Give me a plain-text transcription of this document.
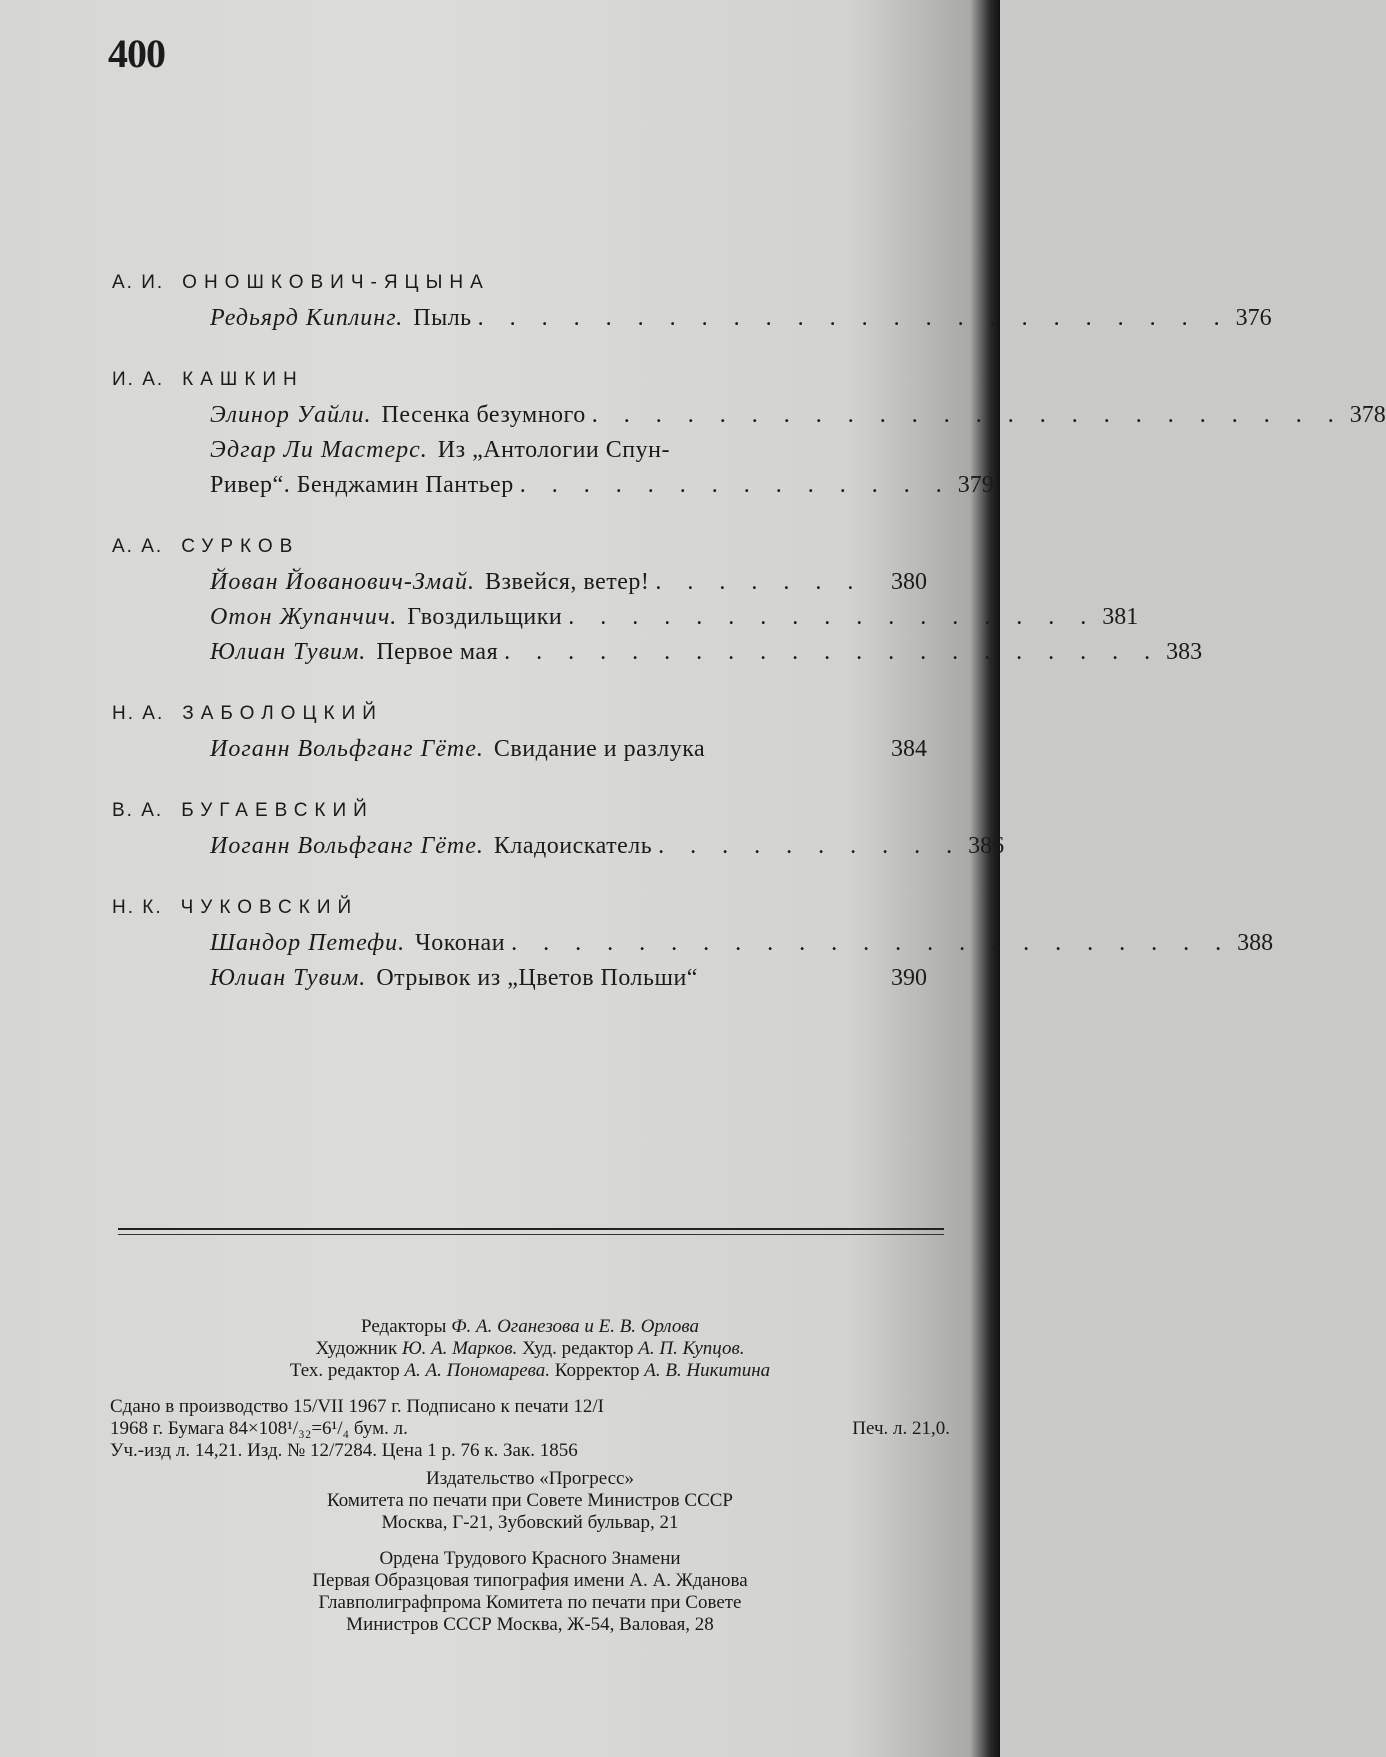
400
А. И. ОНОШКОВИЧ-ЯЦЫНА
Редьярд Киплинг. Пыль . . . . . . . . . . . . . . . . . . . . . . . . 376
И. А. КАШКИН
Элинор Уайли. Песенка безумного . . . . . . . . . . . . . . . . . . . . . . . . 378
Эдгар Ли Мастерс. Из „Антологии Спун-
Ривер“. Бенджамин Пантьер . . . . . . . . . . . . . . 379
А. А. СУРКОВ
Йован Йованович-Змай. Взвейся, ветер! . . . . . . .	380
Отон Жупанчич. Гвоздильщики . . . . . . . . . . . . . . . . . 381
Юлиан Тувим. Первое мая . . . . . . . . . . . . . . . . . . . . . 383
Н. А. ЗАБОЛОЦКИЙ
Иоганн Вольфганг Гёте. Свидание и разлука	384
В. А. БУГАЕВСКИЙ
Иоганн Вольфганг Гёте. Кладоискатель . . . . . . . . . . 386
Н. К. ЧУКОВСКИЙ
Шандор Петефи. Чоконаи . . . . . . . . . . . . . . . . . . . . . . . 388
Юлиан Тувим. Отрывок из „Цветов Польши“	390
Редакторы Ф. А. Оганезова и Е. В. Орлова
Художник Ю. А. Марков. Худ. редактор А. П. Купцов.
Тех. редактор А. А. Пономарева. Корректор А. В. Никитина
Сдано в производство 15/VII 1967 г. Подписано к печати 12/I
1968 г. Бумага 84×108¹/₃₂=6¹/₄ бум. л.	Печ. л. 21,0.
Уч.-изд л. 14,21. Изд. № 12/7284. Цена 1 р. 76 к. Зак. 1856
Издательство «Прогресс»
Комитета по печати при Совете Министров СССР
Москва, Г-21, Зубовский бульвар, 21
Ордена Трудового Красного Знамени
Первая Образцовая типография имени А. А. Жданова
Главполиграфпрома Комитета по печати при Совете
Министров СССР Москва, Ж-54, Валовая, 28
